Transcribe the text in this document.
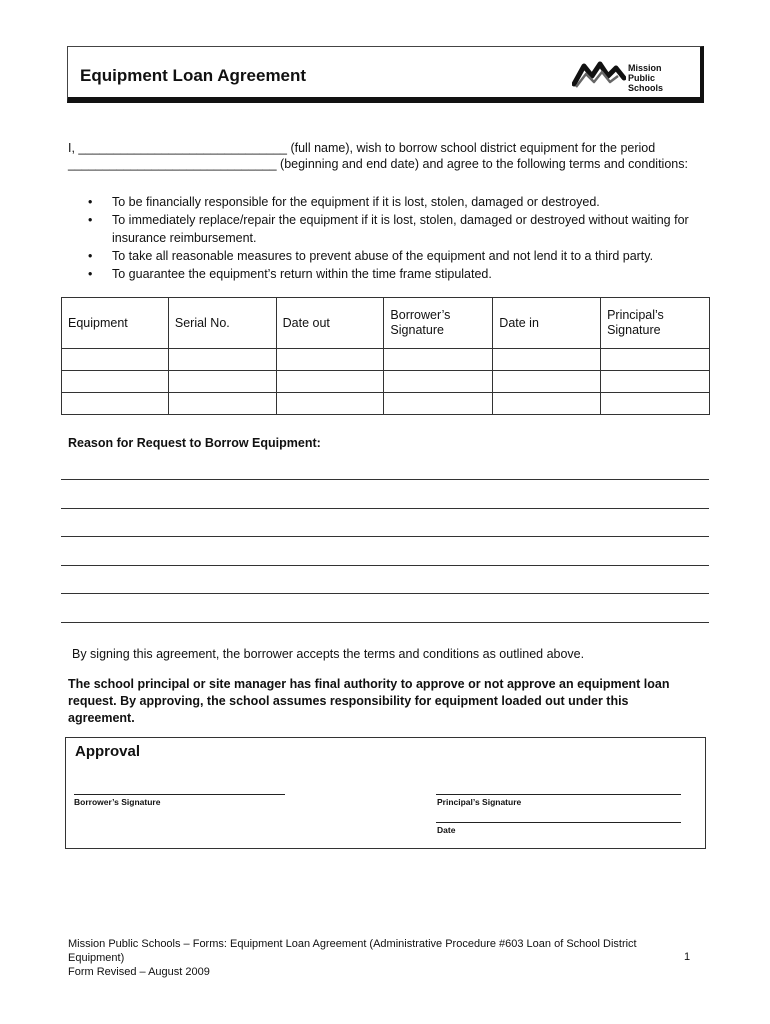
Equipment Loan Agreement	Mission
Public Schools
I, ______________________________ (full name), wish to borrow school district equipment for the period
______________________________ (beginning and end date) and agree to the following terms and conditions:
• To be financially responsible for the equipment if it is lost, stolen, damaged or destroyed.
• To immediately replace/repair the equipment if it is lost, stolen, damaged or destroyed without waiting for insurance reimbursement.
• To take all reasonable measures to prevent abuse of the equipment and not lend it to a third party.
• To guarantee the equipment’s return within the time frame stipulated.
Equipment	Serial No.	Date out	Borrower’s Signature	Date in	Principal’s Signature

Reason for Request to Borrow Equipment:
By signing this agreement, the borrower accepts the terms and conditions as outlined above.
The school principal or site manager has final authority to approve or not approve an equipment loan request. By approving, the school assumes responsibility for equipment loaded out under this agreement.
Approval
Borrower’s Signature	Principal’s Signature
Date
Mission Public Schools – Forms: Equipment Loan Agreement (Administrative Procedure #603 Loan of School District Equipment)
Form Revised – August 2009
1
